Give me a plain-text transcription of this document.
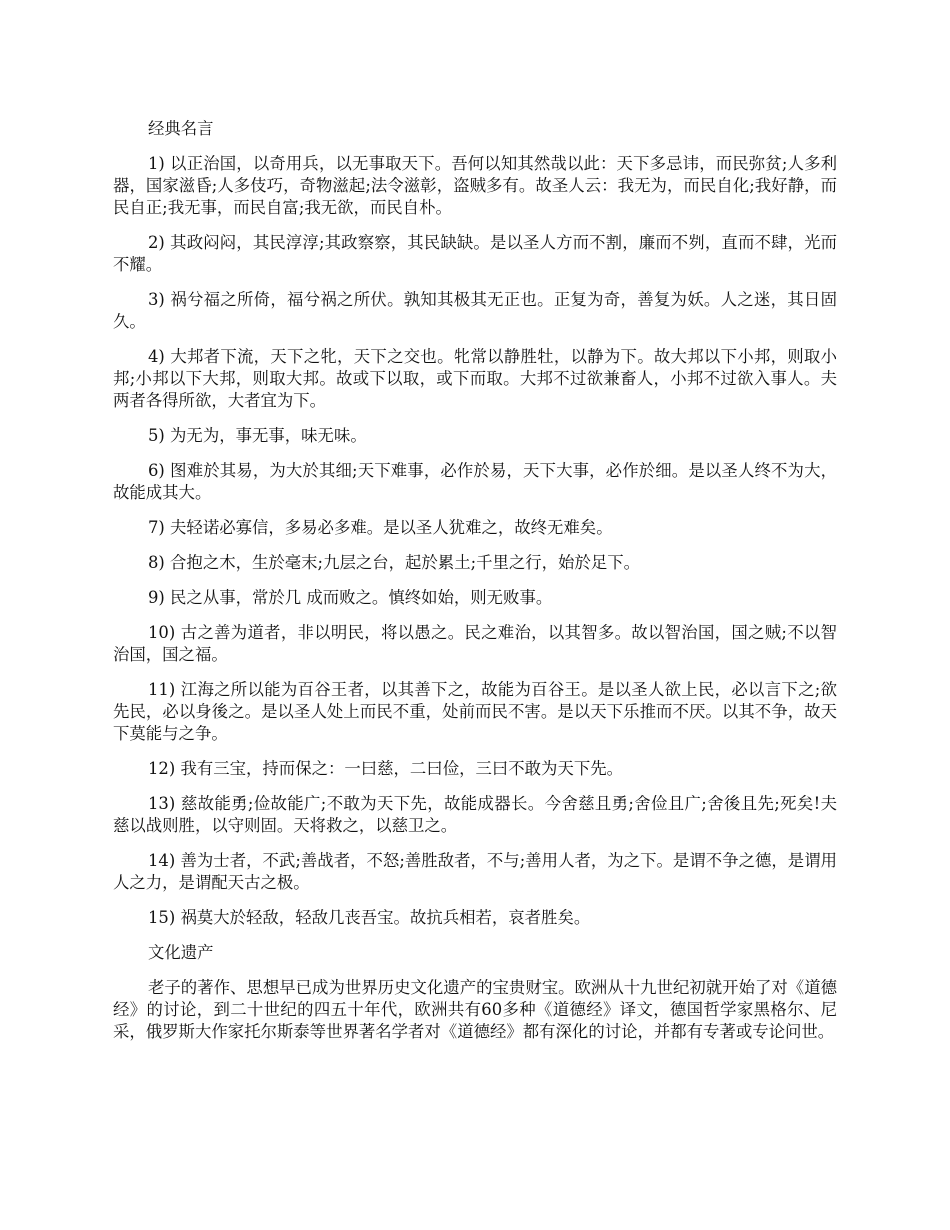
经典名言

1) 以正治国，以奇用兵，以无事取天下。吾何以知其然哉以此：天下多忌讳，而民弥贫;人多利器，国家滋昏;人多伎巧，奇物滋起;法令滋彰，盗贼多有。故圣人云：我无为，而民自化;我好静，而民自正;我无事，而民自富;我无欲，而民自朴。

2) 其政闷闷，其民淳淳;其政察察，其民缺缺。是以圣人方而不割，廉而不刿，直而不肆，光而不耀。

3) 祸兮福之所倚，福兮祸之所伏。孰知其极其无正也。正复为奇，善复为妖。人之迷，其日固久。

4) 大邦者下流，天下之牝，天下之交也。牝常以静胜牡，以静为下。故大邦以下小邦，则取小邦;小邦以下大邦，则取大邦。故或下以取，或下而取。大邦不过欲兼畜人，小邦不过欲入事人。夫两者各得所欲，大者宜为下。

5) 为无为，事无事，味无味。

6) 图难於其易，为大於其细;天下难事，必作於易，天下大事，必作於细。是以圣人终不为大，故能成其大。

7) 夫轻诺必寡信，多易必多难。是以圣人犹难之，故终无难矣。

8) 合抱之木，生於毫末;九层之台，起於累土;千里之行，始於足下。

9) 民之从事，常於几 成而败之。慎终如始，则无败事。

10) 古之善为道者，非以明民，将以愚之。民之难治，以其智多。故以智治国，国之贼;不以智治国，国之福。

11) 江海之所以能为百谷王者，以其善下之，故能为百谷王。是以圣人欲上民，必以言下之;欲先民，必以身後之。是以圣人处上而民不重，处前而民不害。是以天下乐推而不厌。以其不争，故天下莫能与之争。

12) 我有三宝，持而保之：一曰慈，二曰俭，三曰不敢为天下先。

13) 慈故能勇;俭故能广;不敢为天下先，故能成器长。今舍慈且勇;舍俭且广;舍後且先;死矣!夫慈以战则胜，以守则固。天将救之，以慈卫之。

14) 善为士者，不武;善战者，不怒;善胜敌者，不与;善用人者，为之下。是谓不争之德，是谓用人之力，是谓配天古之极。

15) 祸莫大於轻敌，轻敌几丧吾宝。故抗兵相若，哀者胜矣。

文化遗产

老子的著作、思想早已成为世界历史文化遗产的宝贵财宝。欧洲从十九世纪初就开始了对《道德经》的讨论，到二十世纪的四五十年代，欧洲共有60多种《道德经》译文，德国哲学家黑格尔、尼采，俄罗斯大作家托尔斯泰等世界著名学者对《道德经》都有深化的讨论，并都有专著或专论问世。
